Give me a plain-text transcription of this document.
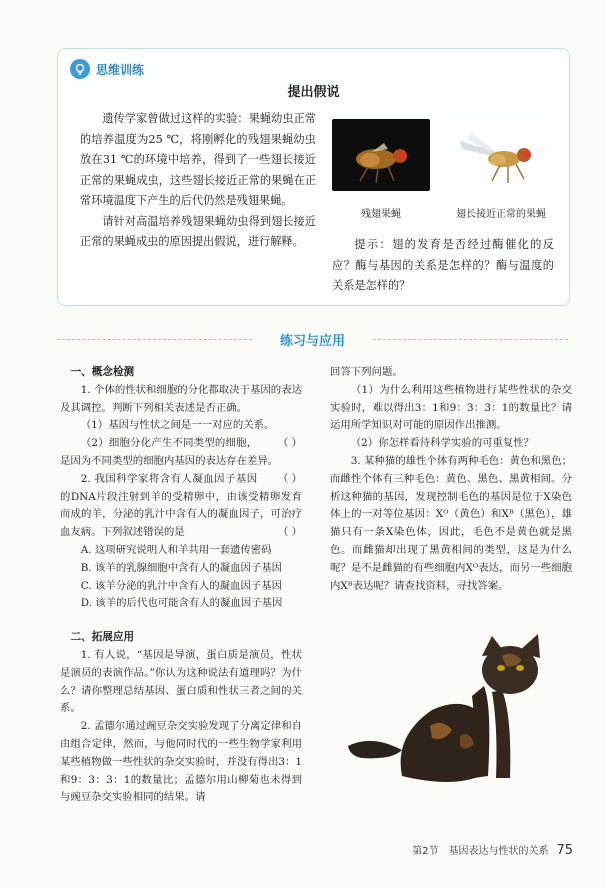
思维训练
提出假说

遗传学家曾做过这样的实验：果蝇幼虫正常的培养温度为25 ℃，将刚孵化的残翅果蝇幼虫放在31 ℃的环境中培养，得到了一些翅长接近正常的果蝇成虫，这些翅长接近正常的果蝇在正常环境温度下产生的后代仍然是残翅果蝇。

请针对高温培养残翅果蝇幼虫得到翅长接近正常的果蝇成虫的原因提出假说，进行解释。

残翅果蝇	翅长接近正常的果蝇
提示：翅的发育是否经过酶催化的反应？酶与基因的关系是怎样的？酶与温度的关系是怎样的？
练习与应用

一、概念检测

1. 个体的性状和细胞的分化都取决于基因的表达及其调控。判断下列相关表述是否正确。

（1）基因与性状之间是一一对应的关系。
（ ）

（2）细胞分化产生不同类型的细胞，是因为不同类型的细胞内基因的表达存在差异。
（ ）

2. 我国科学家将含有人凝血因子基因的DNA片段注射到羊的受精卵中，由该受精卵发育而成的羊，分泌的乳汁中含有人的凝血因子，可治疗血友病。下列叙述错误的是	（ ）

A. 这项研究说明人和羊共用一套遗传密码

B. 该羊的乳腺细胞中含有人的凝血因子基因

C. 该羊分泌的乳汁中含有人的凝血因子基因

D. 该羊的后代也可能含有人的凝血因子基因

二、拓展应用

1. 有人说，“基因是导演，蛋白质是演员，性状是演员的表演作品。”你认为这种说法有道理吗？为什么？请你整理总结基因、蛋白质和性状三者之间的关系。

2. 孟德尔通过豌豆杂交实验发现了分离定律和自由组合定律，然而，与他同时代的一些生物学家利用某些植物做一些性状的杂交实验时，并没有得出3：1和9：3：3：1的数量比；孟德尔用山柳菊也未得到与豌豆杂交实验相同的结果。请

回答下列问题。

（1）为什么利用这些植物进行某些性状的杂交实验时，难以得出3：1和9：3：3：1的数量比？请运用所学知识对可能的原因作出推测。

（2）你怎样看待科学实验的可重复性？

3. 某种猫的雄性个体有两种毛色：黄色和黑色；而雌性个体有三种毛色：黄色、黑色、黑黄相间。分析这种猫的基因，发现控制毛色的基因是位于X染色体上的一对等位基因：Xᴼ（黄色）和Xᴮ（黑色），雄猫只有一条X染色体，因此，毛色不是黄色就是黑色。而雌猫却出现了黑黄相间的类型，这是为什么呢？是不是雌猫的有些细胞内Xᴼ表达，而另一些细胞内Xᴮ表达呢？请查找资料，寻找答案。

第2节　基因表达与性状的关系 75
